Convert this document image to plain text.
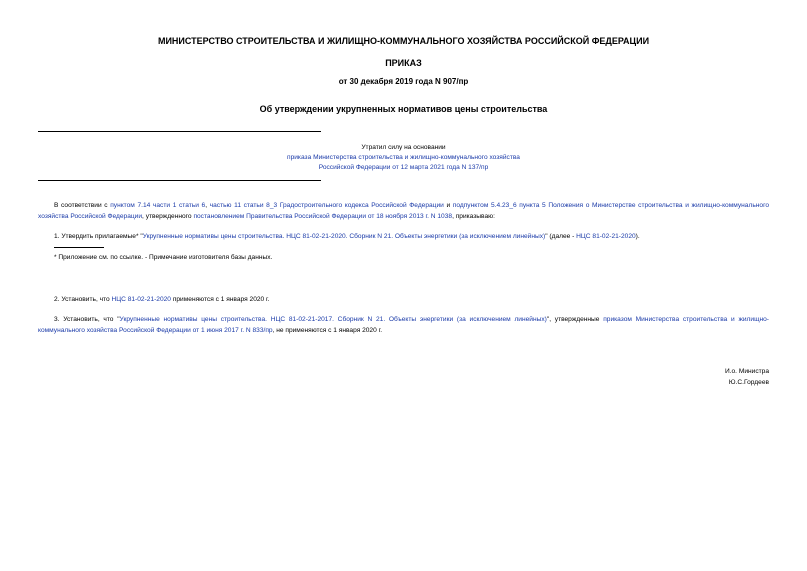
МИНИСТЕРСТВО СТРОИТЕЛЬСТВА И ЖИЛИЩНО-КОММУНАЛЬНОГО ХОЗЯЙСТВА РОССИЙСКОЙ ФЕДЕРАЦИИ
ПРИКАЗ
от 30 декабря 2019 года N 907/пр
Об утверждении укрупненных нормативов цены строительства
Утратил силу на основании
приказа Министерства строительства и жилищно-коммунального хозяйства
Российской Федерации от 12 марта 2021 года N 137/пр
В соответствии с пунктом 7.14 части 1 статьи 6, частью 11 статьи 8_3 Градостроительного кодекса Российской Федерации и подпунктом 5.4.23_6 пункта 5 Положения о Министерстве строительства и жилищно-коммунального хозяйства Российской Федерации, утвержденного постановлением Правительства Российской Федерации от 18 ноября 2013 г. N 1038, приказываю:
1. Утвердить прилагаемые* "Укрупненные нормативы цены строительства. НЦС 81-02-21-2020. Сборник N 21. Объекты энергетики (за исключением линейных)" (далее - НЦС 81-02-21-2020).
* Приложение см. по ссылке. - Примечание изготовителя базы данных.
2. Установить, что НЦС 81-02-21-2020 применяются с 1 января 2020 г.
3. Установить, что "Укрупненные нормативы цены строительства. НЦС 81-02-21-2017. Сборник N 21. Объекты энергетики (за исключением линейных)", утвержденные приказом Министерства строительства и жилищно-коммунального хозяйства Российской Федерации от 1 июня 2017 г. N 833/пр, не применяются с 1 января 2020 г.
И.о. Министра
Ю.С.Гордеев
